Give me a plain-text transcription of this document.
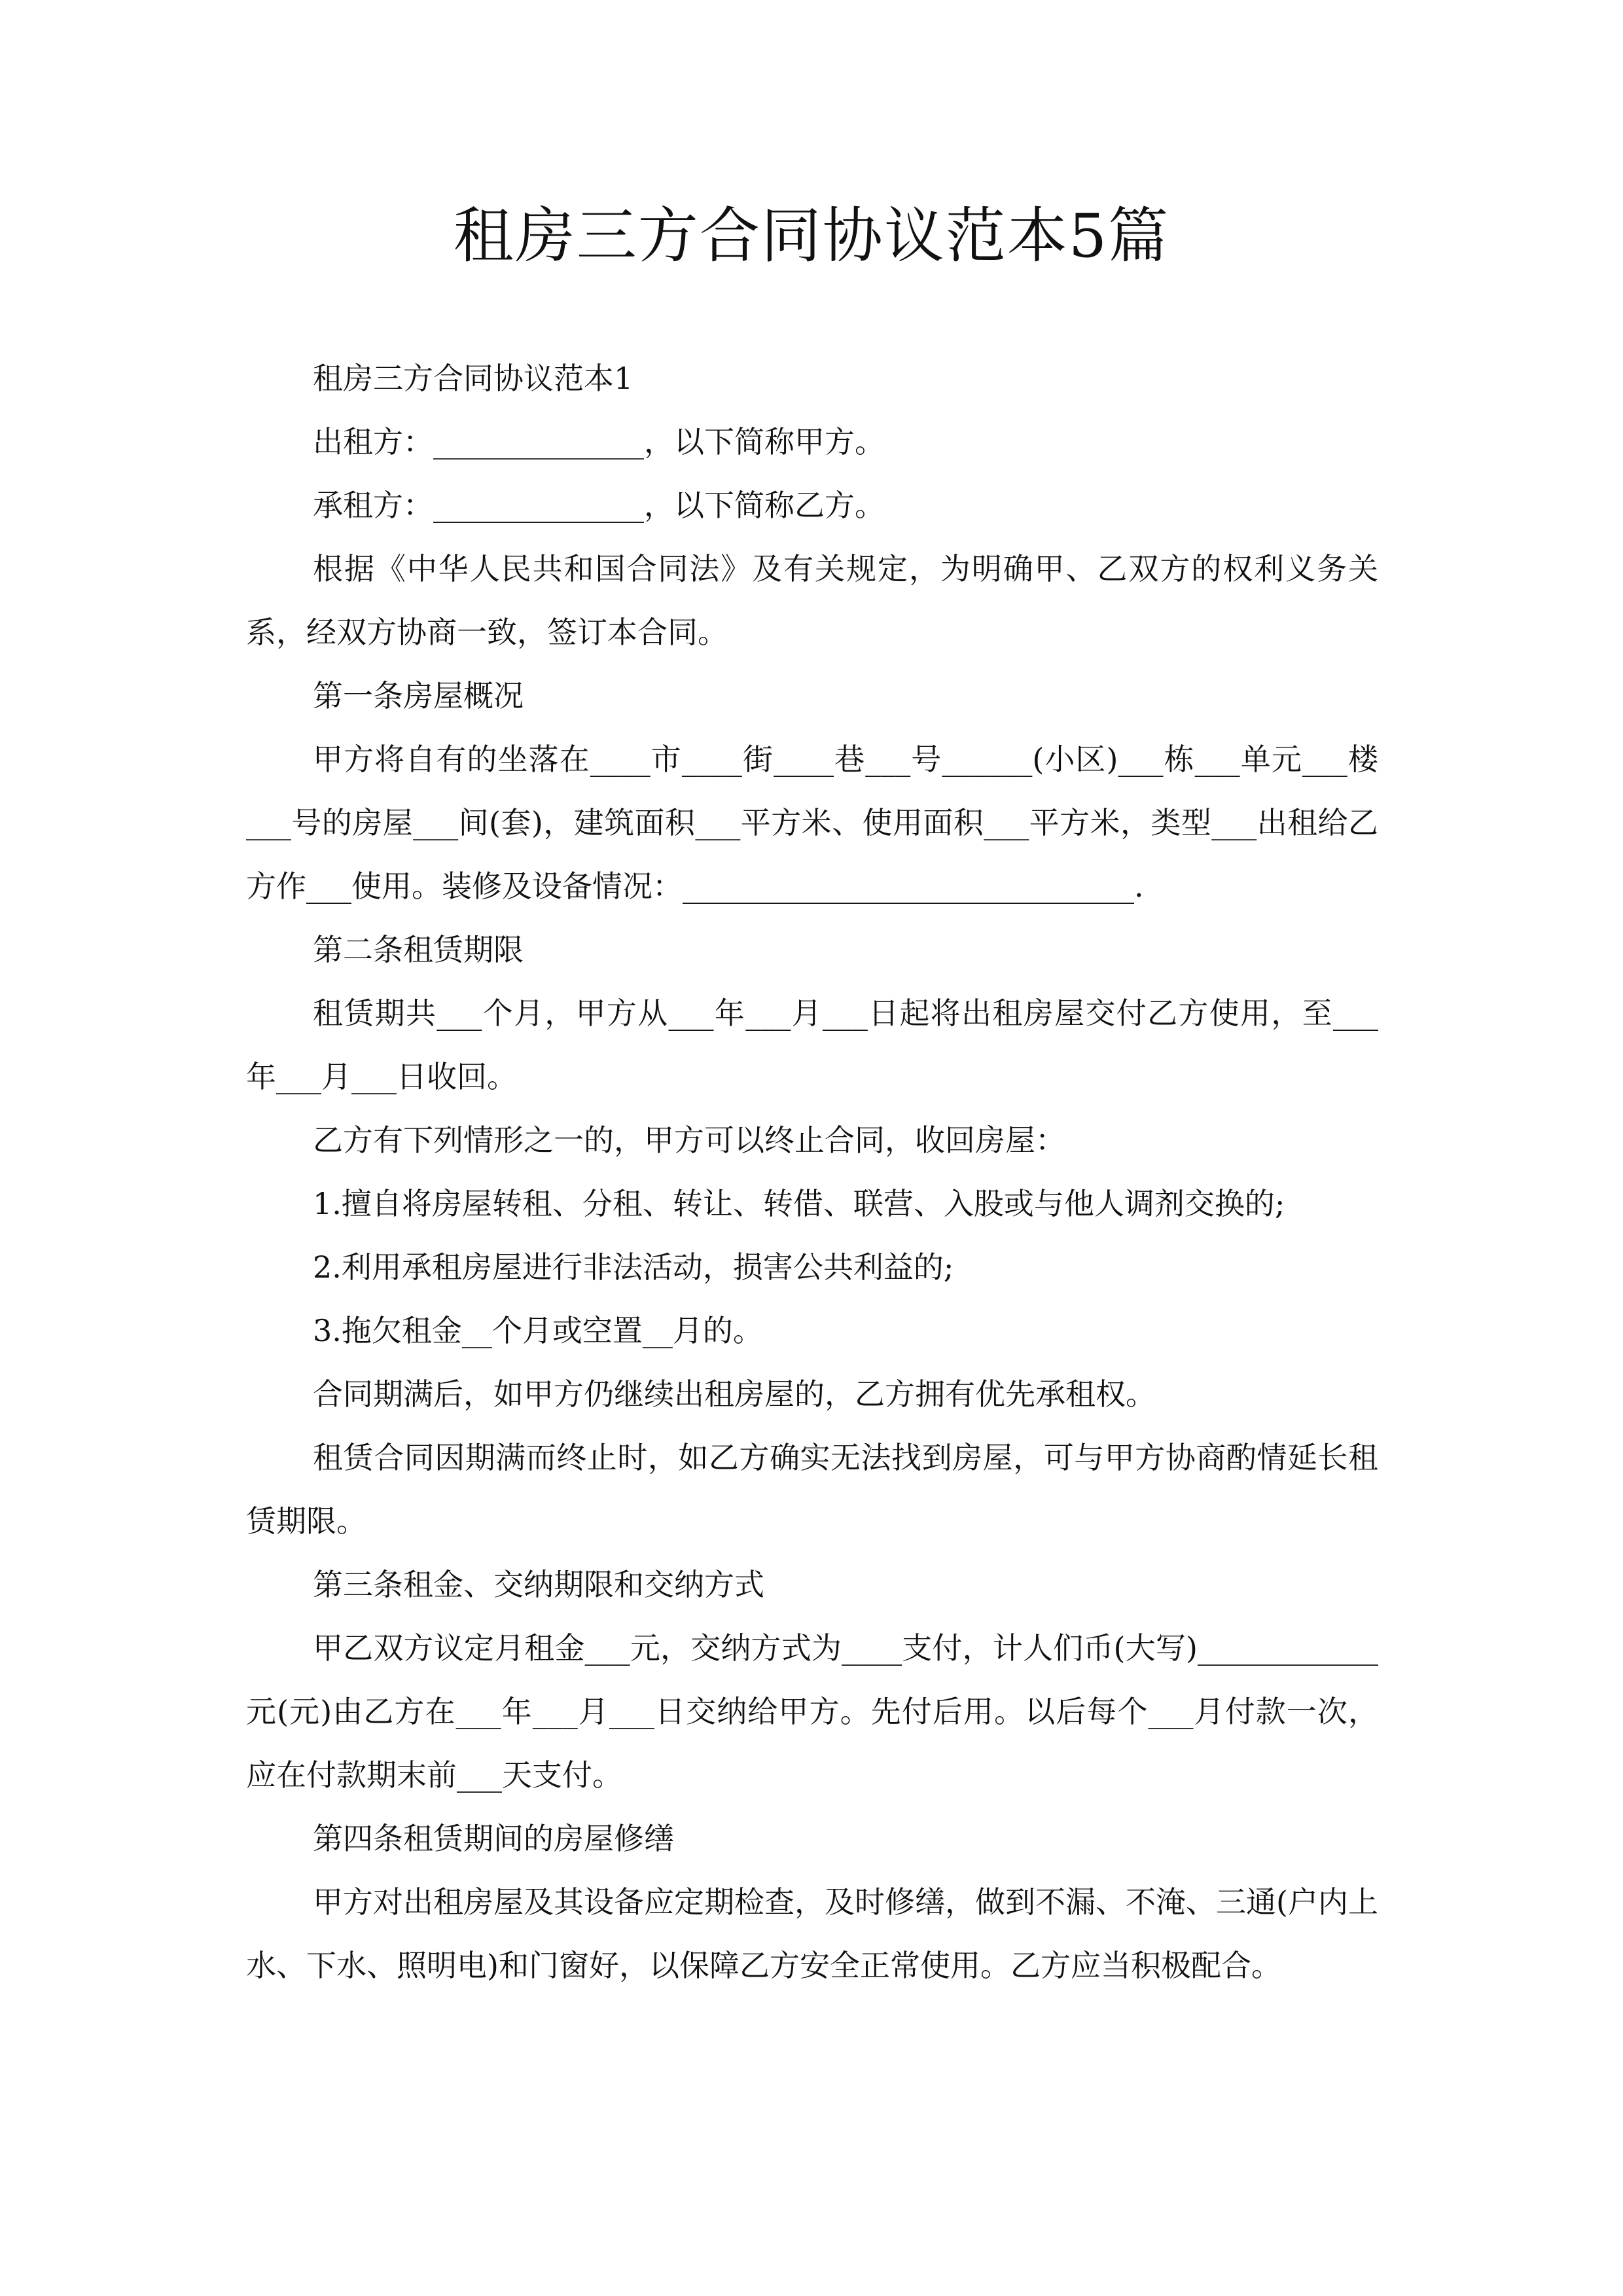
租房三方合同协议范本5篇

租房三方合同协议范本1

出租方：______________，以下简称甲方。

承租方：______________，以下简称乙方。

根据《中华人民共和国合同法》及有关规定，为明确甲、乙双方的权利义务关系，经双方协商一致，签订本合同。

第一条房屋概况

甲方将自有的坐落在____市____街____巷___号______(小区)___栋___单元___楼___号的房屋___间(套)，建筑面积___平方米、使用面积___平方米，类型___出租给乙方作___使用。装修及设备情况：______________________________.

第二条租赁期限

租赁期共___个月，甲方从___年___月___日起将出租房屋交付乙方使用，至___年___月___日收回。

乙方有下列情形之一的，甲方可以终止合同，收回房屋：

1.擅自将房屋转租、分租、转让、转借、联营、入股或与他人调剂交换的;

2.利用承租房屋进行非法活动，损害公共利益的;

3.拖欠租金__个月或空置__月的。

合同期满后，如甲方仍继续出租房屋的，乙方拥有优先承租权。

租赁合同因期满而终止时，如乙方确实无法找到房屋，可与甲方协商酌情延长租赁期限。

第三条租金、交纳期限和交纳方式

甲乙双方议定月租金___元，交纳方式为____支付，计人们币(大写)____________元(元)由乙方在___年___月___日交纳给甲方。先付后用。以后每个___月付款一次，应在付款期末前___天支付。

第四条租赁期间的房屋修缮

甲方对出租房屋及其设备应定期检查，及时修缮，做到不漏、不淹、三通(户内上水、下水、照明电)和门窗好，以保障乙方安全正常使用。乙方应当积极配合。
